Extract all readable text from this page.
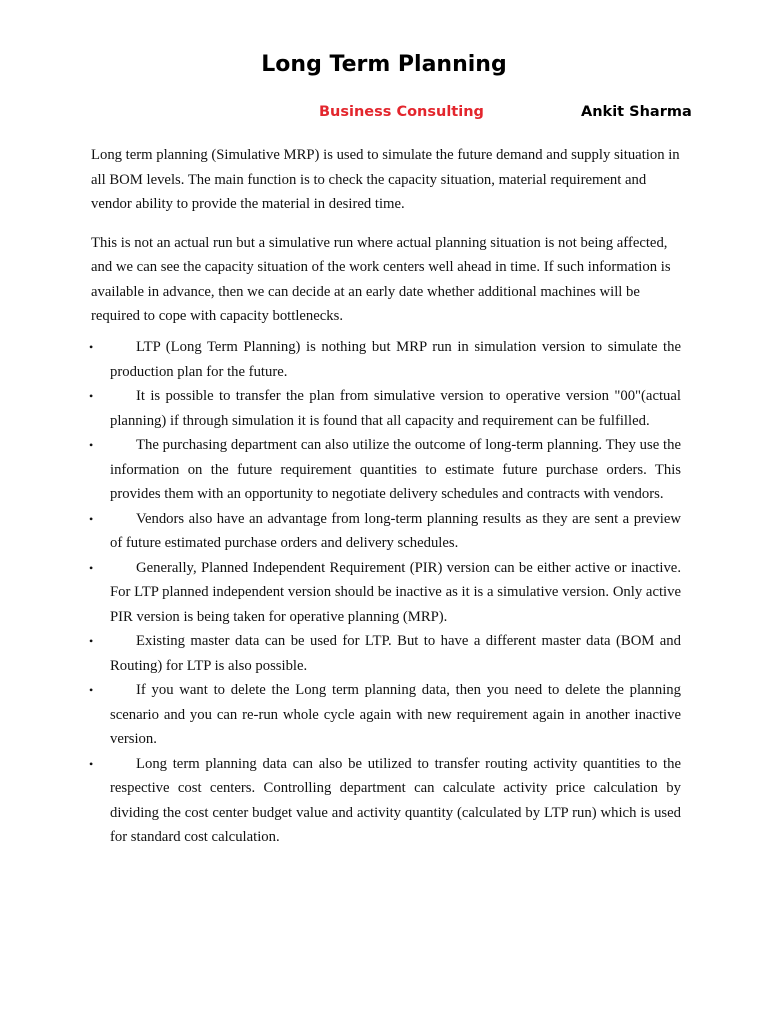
Long Term Planning
Business Consulting	Ankit Sharma

Long term planning (Simulative MRP) is used to simulate the future demand and supply situation in all BOM levels. The main function is to check the capacity situation, material requirement and vendor ability to provide the material in desired time.

This is not an actual run but a simulative run where actual planning situation is not being affected, and we can see the capacity situation of the work centers well ahead in time. If such information is available in advance, then we can decide at an early date whether additional machines will be required to cope with capacity bottlenecks.

•	LTP (Long Term Planning) is nothing but MRP run in simulation version to simulate the production plan for the future.
•	It is possible to transfer the plan from simulative version to operative version "00"(actual planning) if through simulation it is found that all capacity and requirement can be fulfilled.
•	The purchasing department can also utilize the outcome of long-term planning. They use the information on the future requirement quantities to estimate future purchase orders. This provides them with an opportunity to negotiate delivery schedules and contracts with vendors.
•	Vendors also have an advantage from long-term planning results as they are sent a preview of future estimated purchase orders and delivery schedules.
•	Generally, Planned Independent Requirement (PIR) version can be either active or inactive. For LTP planned independent version should be inactive as it is a simulative version. Only active PIR version is being taken for operative planning (MRP).
•	Existing master data can be used for LTP. But to have a different master data (BOM and Routing) for LTP is also possible.
•	If you want to delete the Long term planning data, then you need to delete the planning scenario and you can re-run whole cycle again with new requirement again in another inactive version.
•	Long term planning data can also be utilized to transfer routing activity quantities to the respective cost centers. Controlling department can calculate activity price calculation by dividing the cost center budget value and activity quantity (calculated by LTP run) which is used for standard cost calculation.
